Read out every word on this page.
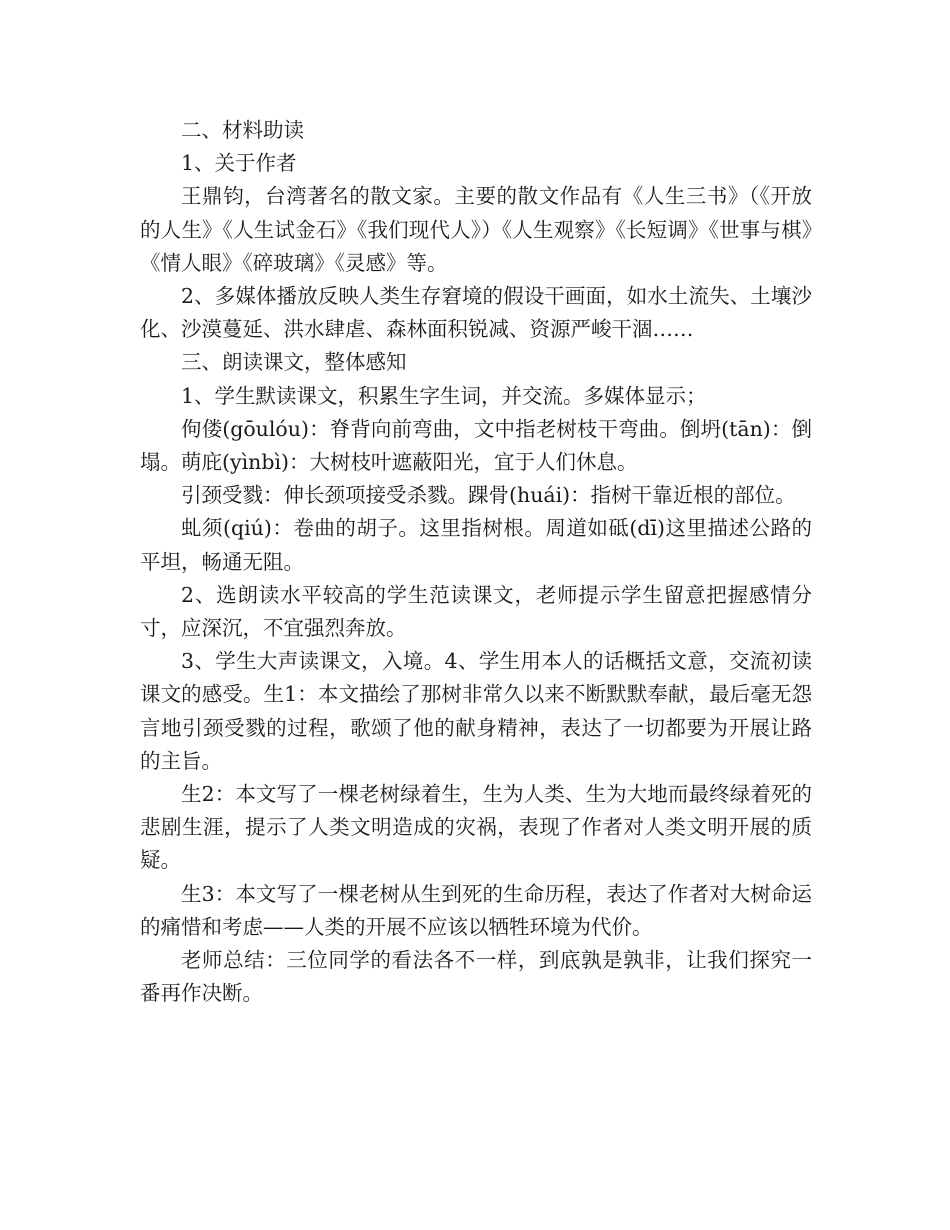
二、材料助读

1、关于作者

王鼎钧，台湾著名的散文家。主要的散文作品有《人生三书》（《开放的人生》《人生试金石》《我们现代人》）《人生观察》《长短调》《世事与棋》《情人眼》《碎玻璃》《灵感》等。

2、多媒体播放反映人类生存窘境的假设干画面，如水土流失、土壤沙化、沙漠蔓延、洪水肆虐、森林面积锐减、资源严峻干涸……

三、朗读课文，整体感知

1、学生默读课文，积累生字生词，并交流。多媒体显示；

佝偻(gōulóu)：脊背向前弯曲，文中指老树枝干弯曲。倒坍(tān)：倒塌。萌庇(yìnbì)：大树枝叶遮蔽阳光，宜于人们休息。

引颈受戮：伸长颈项接受杀戮。踝骨(huái)：指树干靠近根的部位。

虬须(qiú)：卷曲的胡子。这里指树根。周道如砥(dī)这里描述公路的平坦，畅通无阻。

2、选朗读水平较高的学生范读课文，老师提示学生留意把握感情分寸，应深沉，不宜强烈奔放。

3、学生大声读课文，入境。4、学生用本人的话概括文意，交流初读课文的感受。生1：本文描绘了那树非常久以来不断默默奉献，最后毫无怨言地引颈受戮的过程，歌颂了他的献身精神，表达了一切都要为开展让路的主旨。

生2：本文写了一棵老树绿着生，生为人类、生为大地而最终绿着死的悲剧生涯，提示了人类文明造成的灾祸，表现了作者对人类文明开展的质疑。

生3：本文写了一棵老树从生到死的生命历程，表达了作者对大树命运的痛惜和考虑——人类的开展不应该以牺牲环境为代价。

老师总结：三位同学的看法各不一样，到底孰是孰非，让我们探究一番再作决断。
